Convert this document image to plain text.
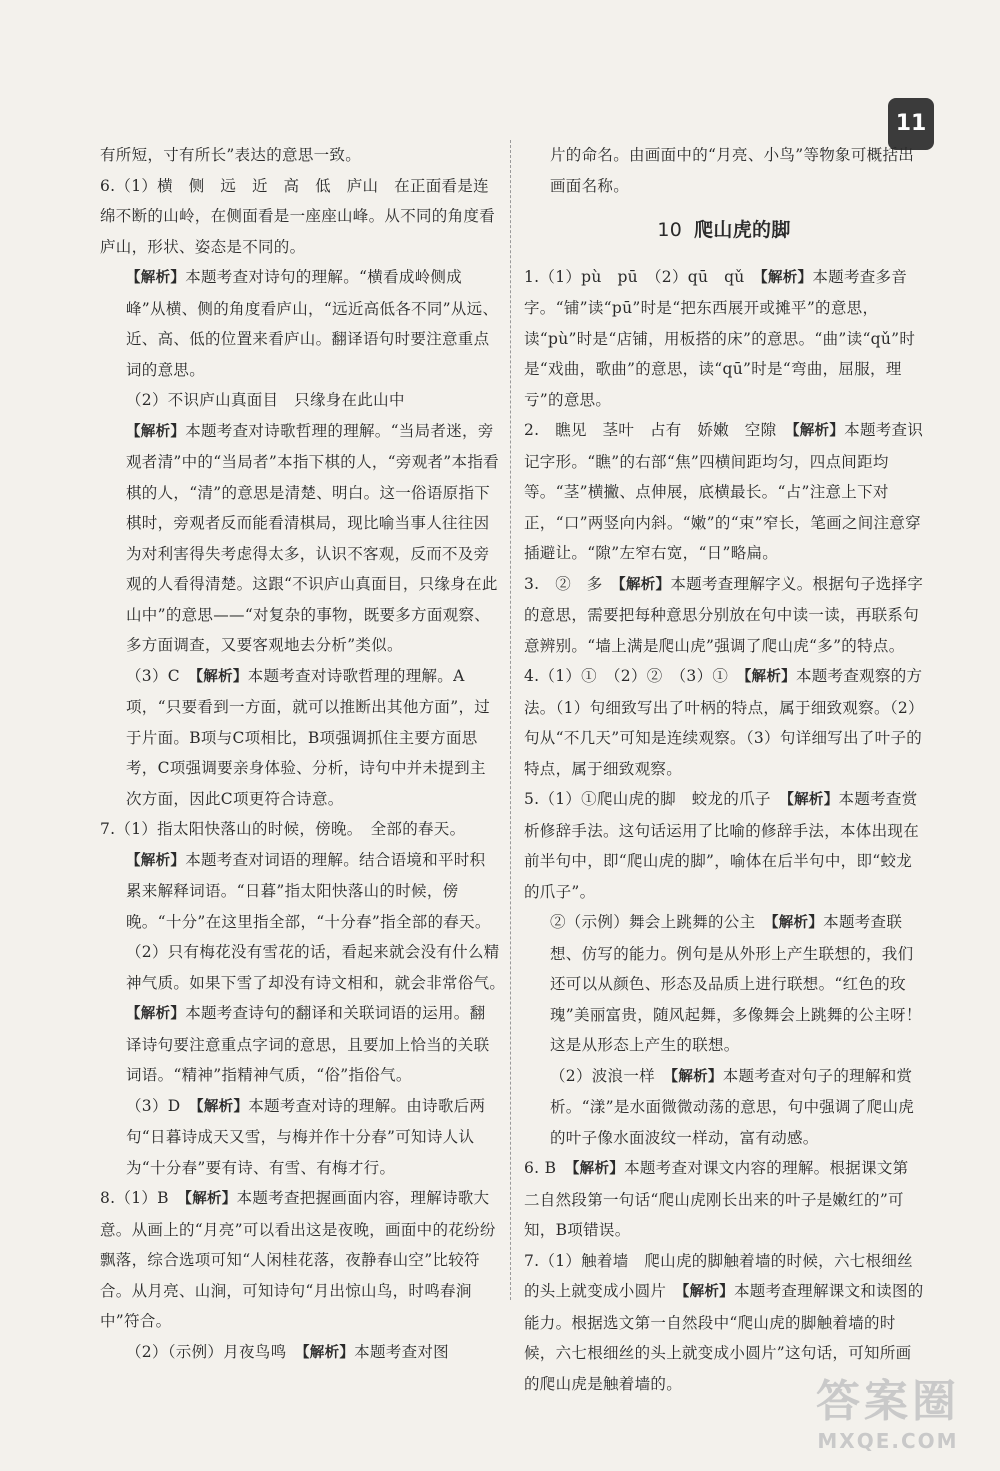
11

有所短，寸有所长”表达的意思一致。

6.（1）横　侧　远　近　高　低　庐山　在正面看是连绵不断的山岭，在侧面看是一座座山峰。从不同的角度看庐山，形状、姿态是不同的。

【解析】本题考查对诗句的理解。“横看成岭侧成峰”从横、侧的角度看庐山，“远近高低各不同”从远、近、高、低的位置来看庐山。翻译语句时要注意重点词的意思。

（2）不识庐山真面目　只缘身在此山中

【解析】本题考查对诗歌哲理的理解。“当局者迷，旁观者清”中的“当局者”本指下棋的人，“旁观者”本指看棋的人，“清”的意思是清楚、明白。这一俗语原指下棋时，旁观者反而能看清棋局，现比喻当事人往往因为对利害得失考虑得太多，认识不客观，反而不及旁观的人看得清楚。这跟“不识庐山真面目，只缘身在此山中”的意思——“对复杂的事物，既要多方面观察、多方面调查，又要客观地去分析”类似。

（3）C　【解析】本题考查对诗歌哲理的理解。A项，“只要看到一方面，就可以推断出其他方面”，过于片面。B项与C项相比，B项强调抓住主要方面思考，C项强调要亲身体验、分析，诗句中并未提到主次方面，因此C项更符合诗意。

7.（1）指太阳快落山的时候，傍晚。　全部的春天。

【解析】本题考查对词语的理解。结合语境和平时积累来解释词语。“日暮”指太阳快落山的时候，傍晚。“十分”在这里指全部，“十分春”指全部的春天。

（2）只有梅花没有雪花的话，看起来就会没有什么精神气质。如果下雪了却没有诗文相和，就会非常俗气。　【解析】本题考查诗句的翻译和关联词语的运用。翻译诗句要注意重点字词的意思，且要加上恰当的关联词语。“精神”指精神气质，“俗”指俗气。

（3）D　【解析】本题考查对诗的理解。由诗歌后两句“日暮诗成天又雪，与梅并作十分春”可知诗人认为“十分春”要有诗、有雪、有梅才行。

8.（1）B　【解析】本题考查把握画面内容，理解诗歌大意。从画上的“月亮”可以看出这是夜晚，画面中的花纷纷飘落，综合选项可知“人闲桂花落，夜静春山空”比较符合。从月亮、山涧，可知诗句“月出惊山鸟，时鸣春涧中”符合。

（2）（示例）月夜鸟鸣　【解析】本题考查对图

片的命名。由画面中的“月亮、小鸟”等物象可概括出画面名称。

10 爬山虎的脚

1.（1）pù　pū　（2）qū　qǔ　【解析】本题考查多音字。“铺”读“pū”时是“把东西展开或摊平”的意思，读“pù”时是“店铺，用板搭的床”的意思。“曲”读“qǔ”时是“戏曲，歌曲”的意思，读“qū”时是“弯曲，屈服，理亏”的意思。

2.　瞧见　茎叶　占有　娇嫩　空隙　【解析】本题考查识记字形。“瞧”的右部“焦”四横间距均匀，四点间距均等。“茎”横撇、点伸展，底横最长。“占”注意上下对正，“口”两竖向内斜。“嫩”的“束”窄长，笔画之间注意穿插避让。“隙”左窄右宽，“日”略扁。

3.　②　多　【解析】本题考查理解字义。根据句子选择字的意思，需要把每种意思分别放在句中读一读，再联系句意辨别。“墙上满是爬山虎”强调了爬山虎“多”的特点。

4.（1）①　（2）②　（3）①　【解析】本题考查观察的方法。（1）句细致写出了叶柄的特点，属于细致观察。（2）句从“不几天”可知是连续观察。（3）句详细写出了叶子的特点，属于细致观察。

5.（1）①爬山虎的脚　蛟龙的爪子　【解析】本题考查赏析修辞手法。这句话运用了比喻的修辞手法，本体出现在前半句中，即“爬山虎的脚”，喻体在后半句中，即“蛟龙的爪子”。

②（示例）舞会上跳舞的公主　【解析】本题考查联想、仿写的能力。例句是从外形上产生联想的，我们还可以从颜色、形态及品质上进行联想。“红色的玫瑰”美丽富贵，随风起舞，多像舞会上跳舞的公主呀！这是从形态上产生的联想。

（2）波浪一样　【解析】本题考查对句子的理解和赏析。“漾”是水面微微动荡的意思，句中强调了爬山虎的叶子像水面波纹一样动，富有动感。

6. B　【解析】本题考查对课文内容的理解。根据课文第二自然段第一句话“爬山虎刚长出来的叶子是嫩红的”可知，B项错误。

7.（1）触着墙　爬山虎的脚触着墙的时候，六七根细丝的头上就变成小圆片　【解析】本题考查理解课文和读图的能力。根据选文第一自然段中“爬山虎的脚触着墙的时候，六七根细丝的头上就变成小圆片”这句话，可知所画的爬山虎是触着墙的。	答案圈
MXQE.COM
